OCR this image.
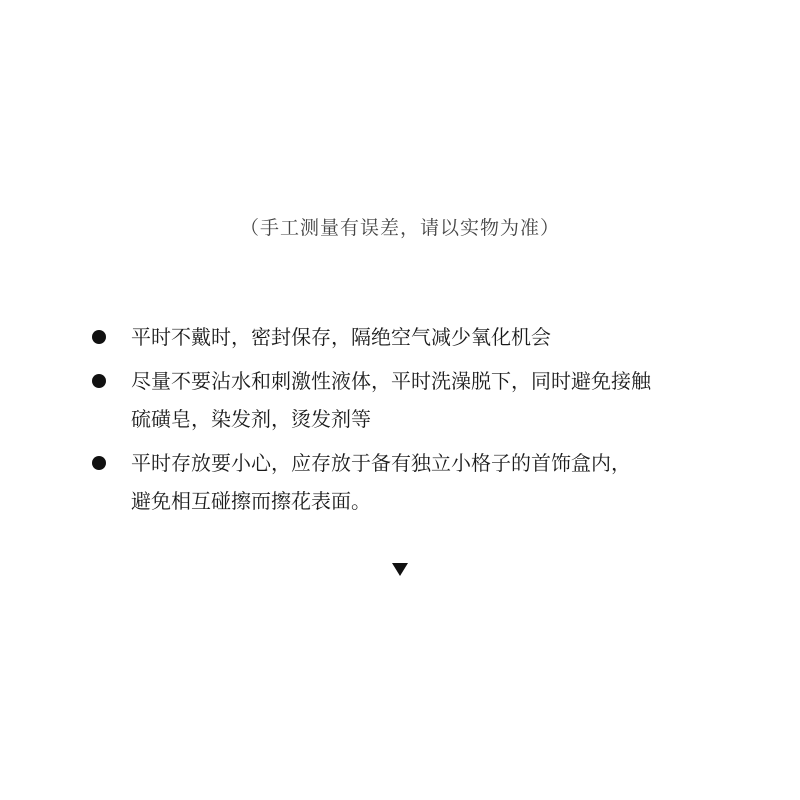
（手工测量有误差，请以实物为准）
平时不戴时，密封保存，隔绝空气减少氧化机会
尽量不要沾水和刺激性液体，平时洗澡脱下，同时避免接触
硫磺皂，染发剂，烫发剂等
平时存放要小心，应存放于备有独立小格子的首饰盒内，
避免相互碰擦而擦花表面。
